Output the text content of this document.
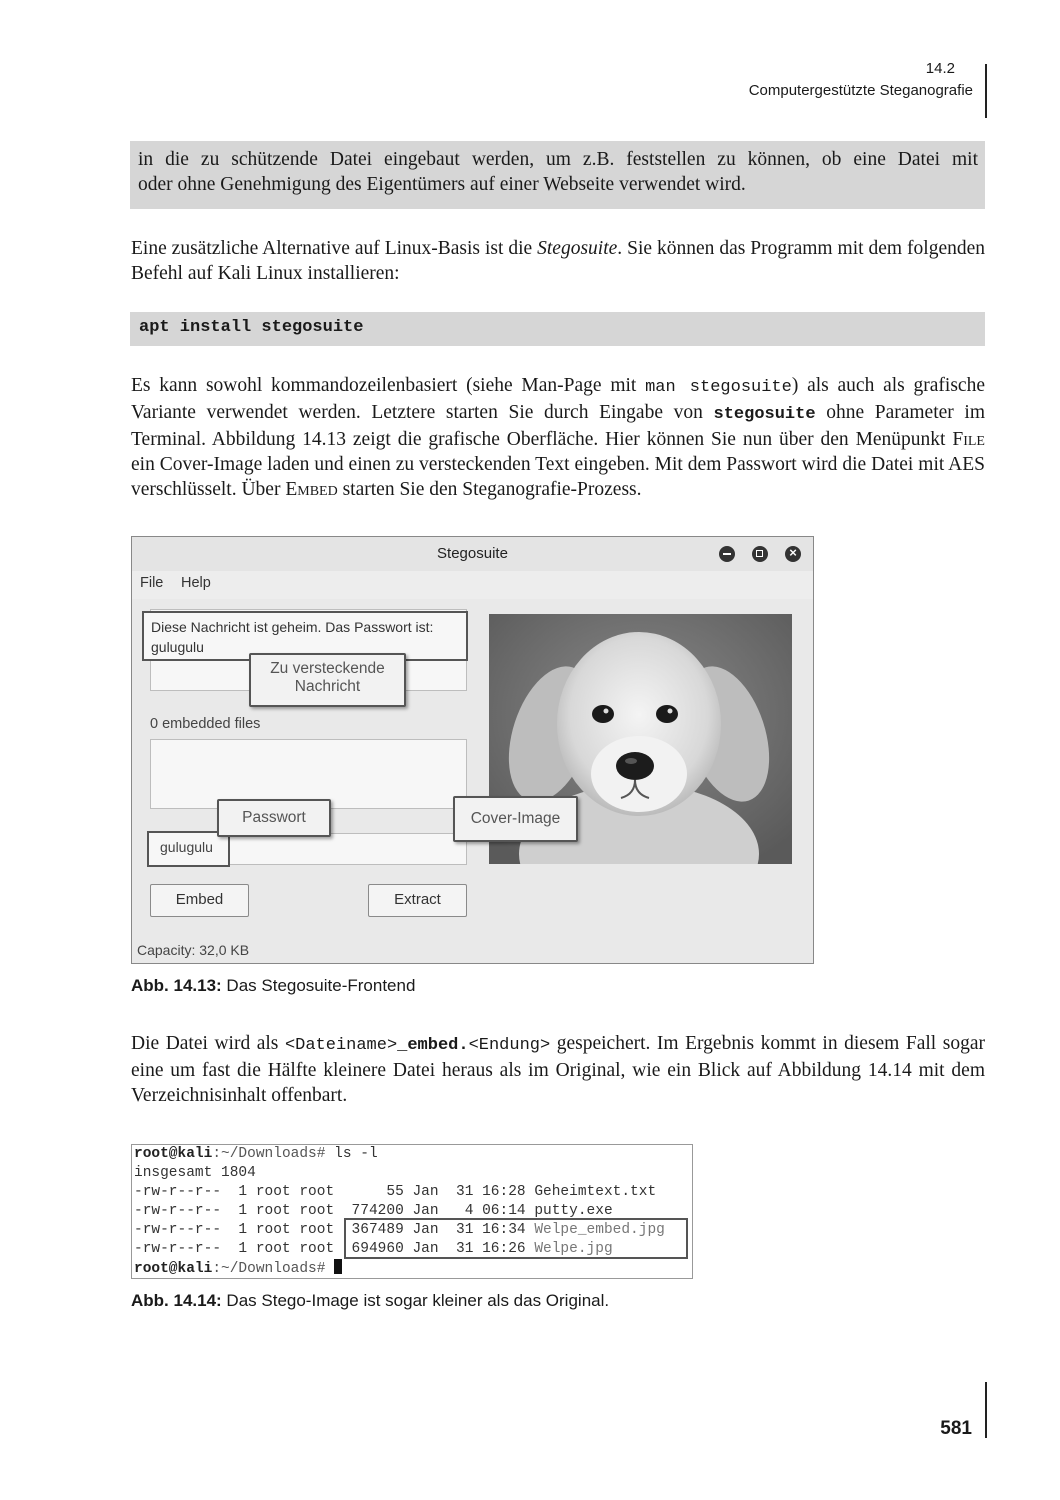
14.2
Computergestützte Steganografie

in die zu schützende Datei eingebaut werden, um z.B. feststellen zu können, ob eine Datei mit

oder ohne Genehmigung des Eigentümers auf einer Webseite verwendet wird.

Eine zusätzliche Alternative auf Linux-Basis ist die Stegosuite. Sie können das Programm mit dem folgenden Befehl auf Kali Linux installieren:

apt install stegosuite

Es kann sowohl kommandozeilenbasiert (siehe Man-Page mit man stegosuite) als auch als grafische Variante verwendet werden. Letztere starten Sie durch Eingabe von stegosuite ohne Parameter im Terminal. Abbildung 14.13 zeigt die grafische Oberfläche. Hier können Sie nun über den Menüpunkt File ein Cover-Image laden und einen zu versteckenden Text eingeben. Mit dem Passwort wird die Datei mit AES verschlüsselt. Über Embed starten Sie den Steganografie-Prozess.

Stegosuite	×
File Help
Diese Nachricht ist geheim. Das Passwort ist:
gulugulu
Zu versteckende
Nachricht
0 embedded files
gulugulu
Passwort	Cover-Image
Embed	Extract
Capacity: 32,0 KB
Abb. 14.13: Das Stegosuite-Frontend

Die Datei wird als <Dateiname>_embed.<Endung> gespeichert. Im Ergebnis kommt in diesem Fall sogar eine um fast die Hälfte kleinere Datei heraus als im Original, wie ein Blick auf Abbildung 14.14 mit dem Verzeichnisinhalt offenbart.

root@kali:~/Downloads# ls -l
insgesamt 1804
-rw-r--r--  1 root root      55 Jan  31 16:28 Geheimtext.txt
-rw-r--r--  1 root root  774200 Jan   4 06:14 putty.exe
-rw-r--r--  1 root root  367489 Jan  31 16:34 Welpe_embed.jpg
-rw-r--r--  1 root root  694960 Jan  31 16:26 Welpe.jpg
root@kali:~/Downloads#
Abb. 14.14: Das Stego-Image ist sogar kleiner als das Original.
581
